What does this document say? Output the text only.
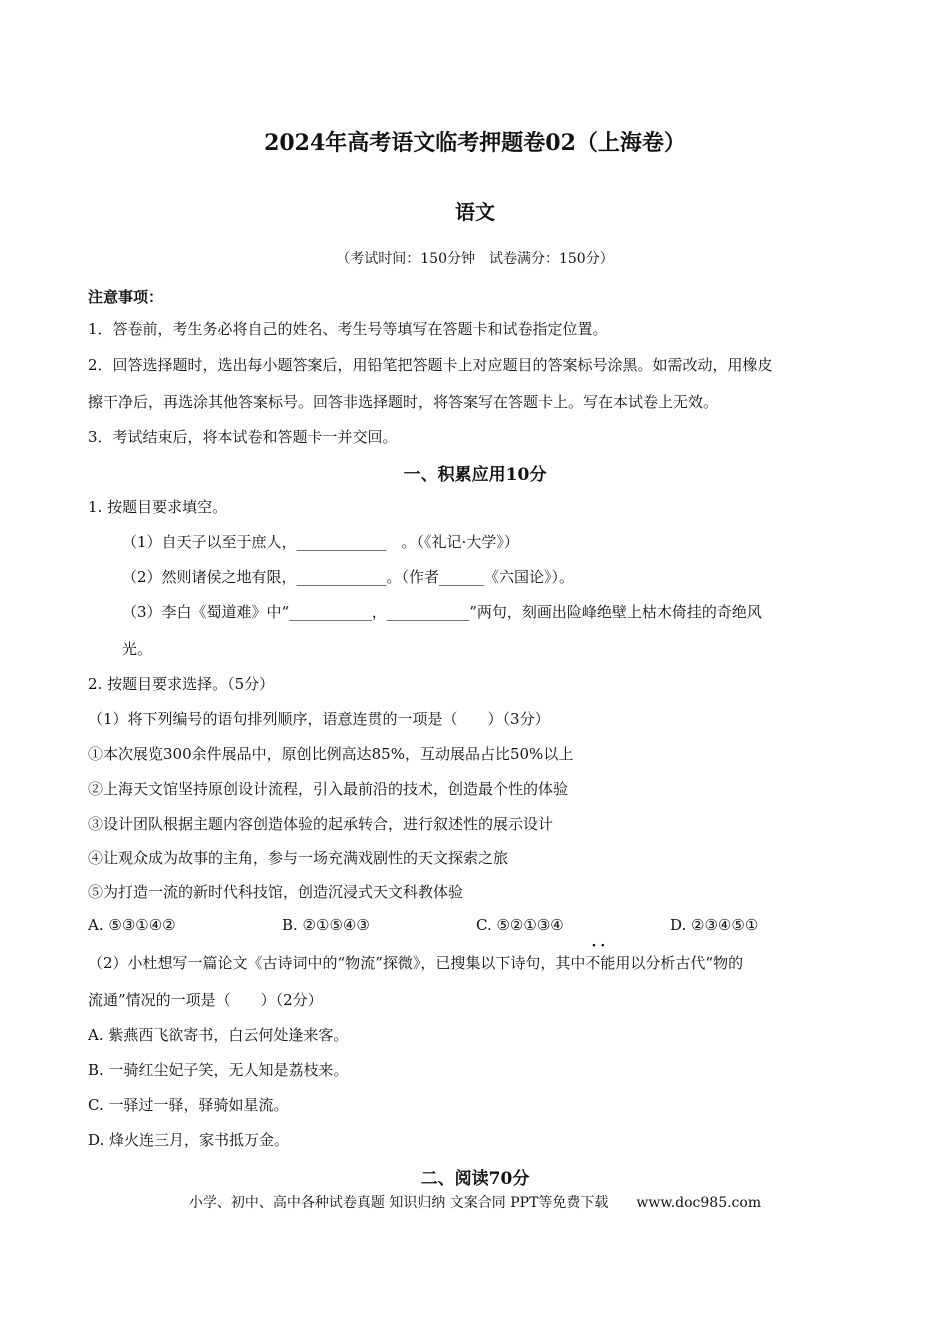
2024年高考语文临考押题卷02（上海卷）
语文
（考试时间：150分钟　试卷满分：150分）
注意事项：
1．答卷前，考生务必将自己的姓名、考生号等填写在答题卡和试卷指定位置。
2．回答选择题时，选出每小题答案后，用铅笔把答题卡上对应题目的答案标号涂黑。如需改动，用橡皮
擦干净后，再选涂其他答案标号。回答非选择题时，将答案写在答题卡上。写在本试卷上无效。
3．考试结束后，将本试卷和答题卡一并交回。
一、积累应用10分
1. 按题目要求填空。
（1）自天子以至于庶人，____________　。（《礼记·大学》）
（2）然则诸侯之地有限，____________。（作者______《六国论》）。
（3）李白《蜀道难》中“___________，___________”两句，刻画出险峰绝壁上枯木倚挂的奇绝风
光。
2. 按题目要求选择。（5分）
（1）将下列编号的语句排列顺序，语意连贯的一项是（　　）（3分）
①本次展览300余件展品中，原创比例高达85%，互动展品占比50%以上
②上海天文馆坚持原创设计流程，引入最前沿的技术，创造最个性的体验
③设计团队根据主题内容创造体验的起承转合，进行叙述性的展示设计
④让观众成为故事的主角，参与一场充满戏剧性的天文探索之旅
⑤为打造一流的新时代科技馆，创造沉浸式天文科教体验
A. ⑤③①④②	B. ②①⑤④③	C. ⑤②①③④	D. ②③④⑤①
（2）小杜想写一篇论文《古诗词中的“物流”探微》，已搜集以下诗句，其中不能 ··用以分析古代“物的
流通”情况的一项是（　　）（2分）
A. 紫燕西飞欲寄书，白云何处逢来客。
B. 一骑红尘妃子笑，无人知是荔枝来。
C. 一驿过一驿，驿骑如星流。
D. 烽火连三月，家书抵万金。
二、阅读70分
小学、初中、高中各种试卷真题 知识归纳 文案合同 PPT等免费下载　　www.doc985.com
